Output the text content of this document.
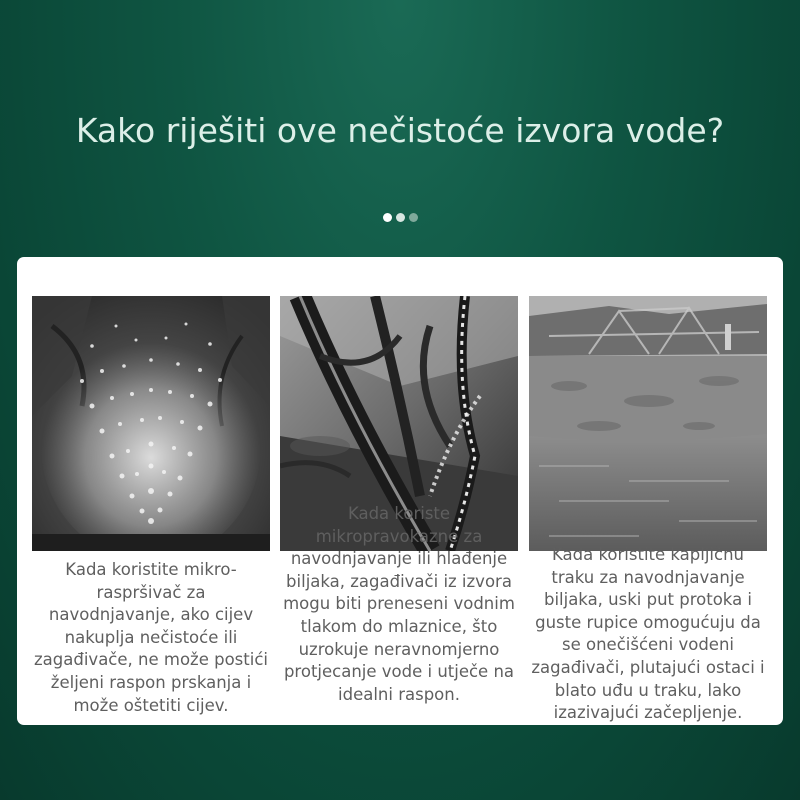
Kako riješiti ove nečistoće izvora vode?

Kada koristite mikro-raspršivač za navodnjavanje, ako cijev nakuplja nečistoće ili zagađivače, ne može postići željeni raspon prskanja i može oštetiti cijev.

Kada koriste mikropravokazne za navodnjavanje ili hlađenje biljaka, zagađivači iz izvora mogu biti preneseni vodnim tlakom do mlaznice, što uzrokuje neravnomjerno protjecanje vode i utječe na idealni raspon.

Kada koristite kapljičnu traku za navodnjavanje biljaka, uski put protoka i guste rupice omogućuju da se onečišćeni vodeni zagađivači, plutajući ostaci i blato uđu u traku, lako izazivajući začepljenje.
